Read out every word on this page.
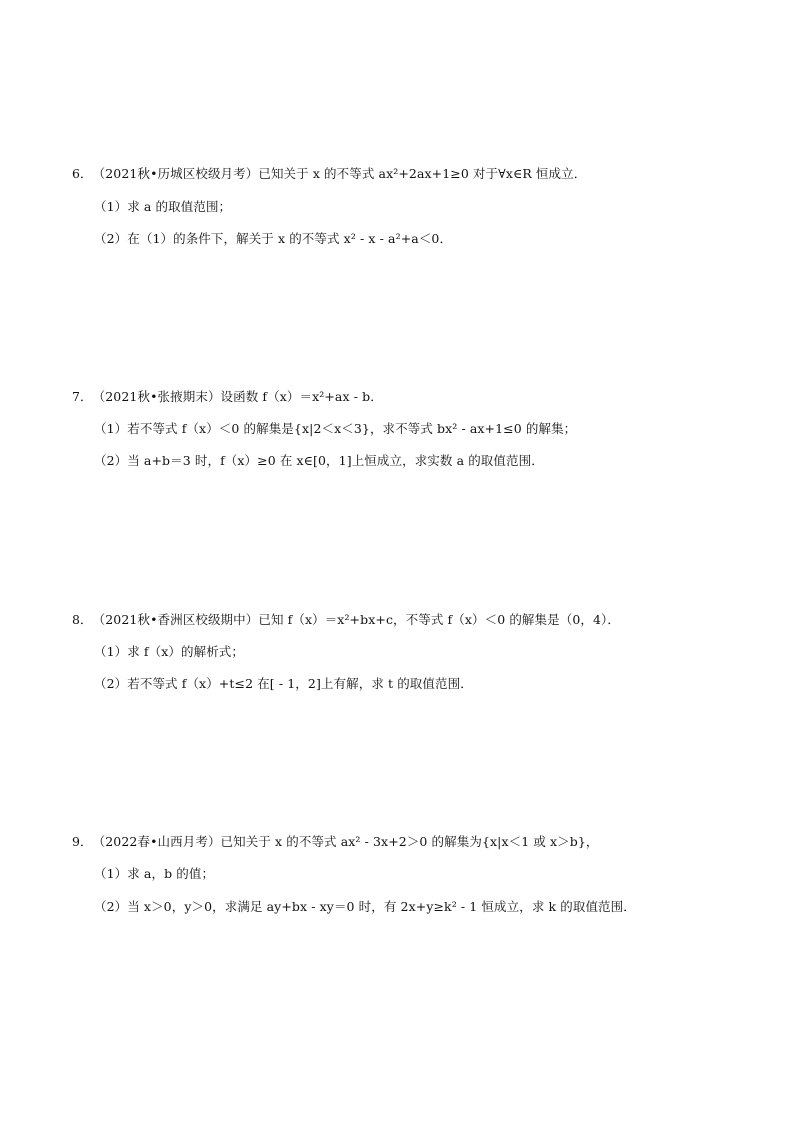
6．（2021秋•历城区校级月考）已知关于 x 的不等式 ax²+2ax+1≥0 对于∀x∈R 恒成立．
（1）求 a 的取值范围；
（2）在（1）的条件下，解关于 x 的不等式 x² - x - a²+a＜0．
7．（2021秋•张掖期末）设函数 f（x）＝x²+ax - b．
（1）若不等式 f（x）＜0 的解集是{x|2＜x＜3}，求不等式 bx² - ax+1≤0 的解集；
（2）当 a+b＝3 时，f（x）≥0 在 x∈[0，1]上恒成立，求实数 a 的取值范围．
8．（2021秋•香洲区校级期中）已知 f（x）＝x²+bx+c，不等式 f（x）＜0 的解集是（0，4）．
（1）求 f（x）的解析式；
（2）若不等式 f（x）+t≤2 在[ - 1，2]上有解，求 t 的取值范围．
9．（2022春•山西月考）已知关于 x 的不等式 ax² - 3x+2＞0 的解集为{x|x＜1 或 x＞b}，
（1）求 a，b 的值；
（2）当 x＞0，y＞0，求满足 ay+bx - xy＝0 时，有 2x+y≥k² - 1 恒成立，求 k 的取值范围．
